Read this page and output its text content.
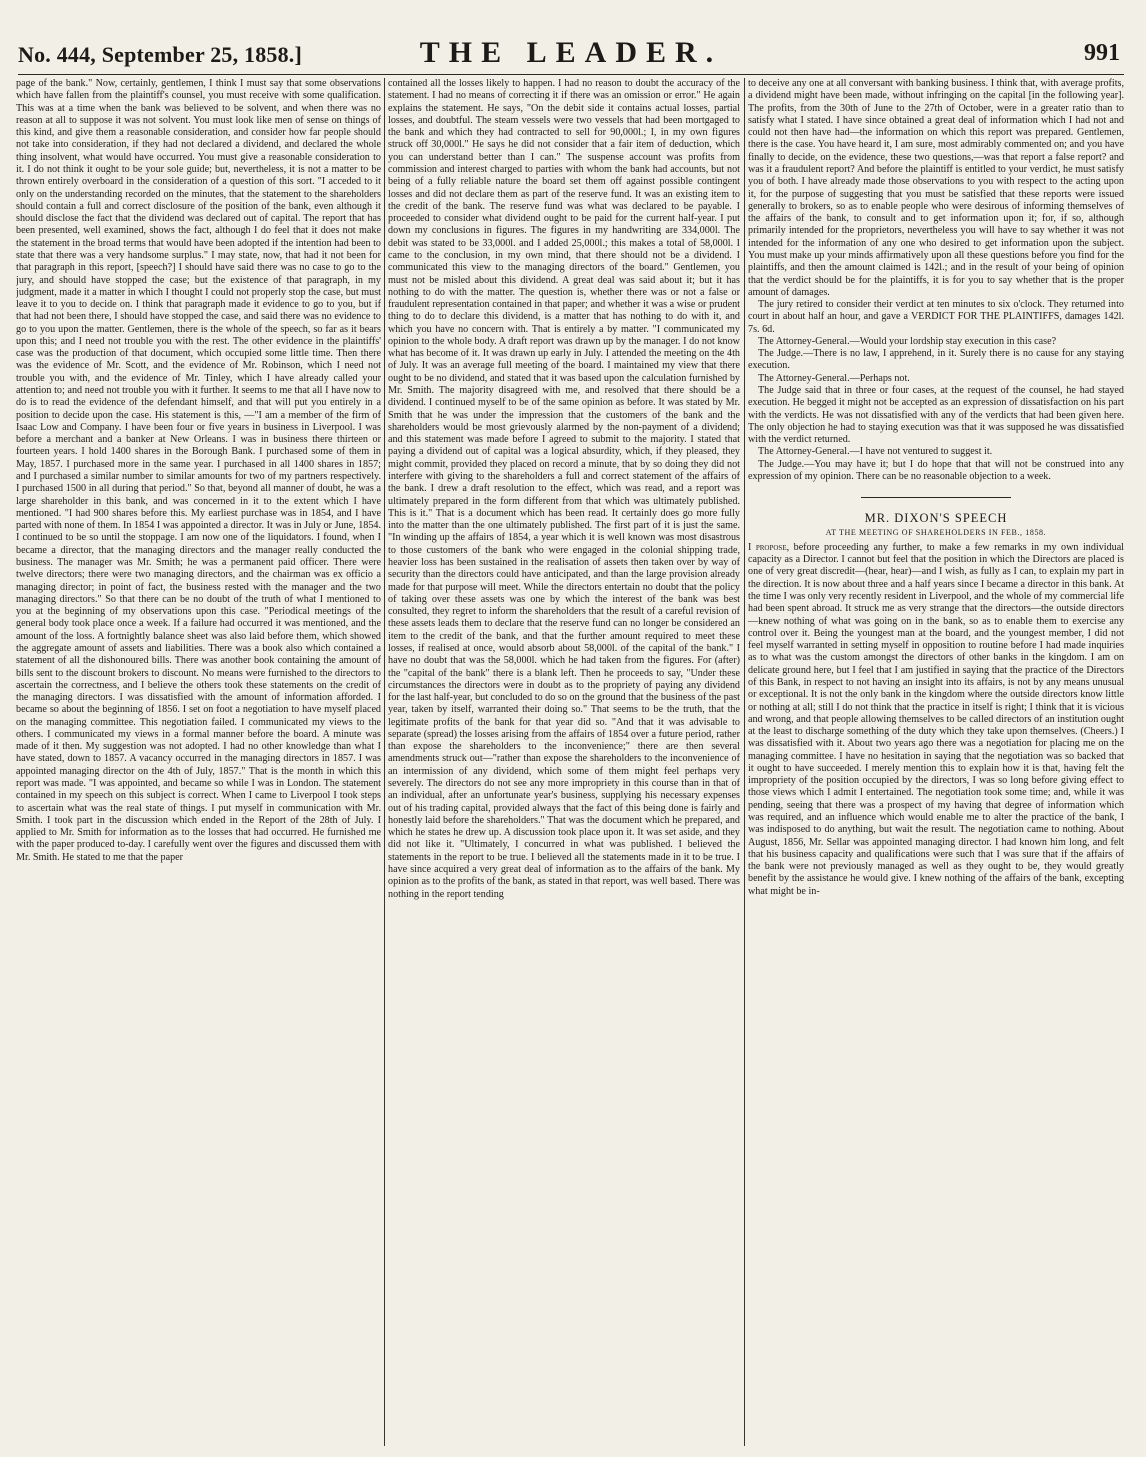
No. 444, September 25, 1858.]	THE LEADER.	991

page of the bank." Now, certainly, gentlemen, I think I must say that some observations which have fallen from the plaintiff's counsel, you must receive with some qualification. This was at a time when the bank was believed to be solvent, and when there was no reason at all to suppose it was not solvent. You must look like men of sense on things of this kind, and give them a reasonable consideration, and consider how far people should not take into consideration, if they had not declared a dividend, and declared the whole thing insolvent, what would have occurred. You must give a reasonable consideration to it. I do not think it ought to be your sole guide; but, nevertheless, it is not a matter to be thrown entirely overboard in the consideration of a question of this sort. "I acceded to it only on the understanding recorded on the minutes, that the statement to the shareholders should contain a full and correct disclosure of the position of the bank, even although it should disclose the fact that the dividend was declared out of capital. The report that has been presented, well examined, shows the fact, although I do feel that it does not make the statement in the broad terms that would have been adopted if the intention had been to state that there was a very handsome surplus." I may state, now, that had it not been for that paragraph in this report, [speech?] I should have said there was no case to go to the jury, and should have stopped the case; but the existence of that paragraph, in my judgment, made it a matter in which I thought I could not properly stop the case, but must leave it to you to decide on. I think that paragraph made it evidence to go to you, but if that had not been there, I should have stopped the case, and said there was no evidence to go to you upon the matter. Gentlemen, there is the whole of the speech, so far as it bears upon this; and I need not trouble you with the rest. The other evidence in the plaintiffs' case was the production of that document, which occupied some little time. Then there was the evidence of Mr. Scott, and the evidence of Mr. Robinson, which I need not trouble you with, and the evidence of Mr. Tinley, which I have already called your attention to; and need not trouble you with it further. It seems to me that all I have now to do is to read the evidence of the defendant himself, and that will put you entirely in a position to decide upon the case. His statement is this, —"I am a member of the firm of Isaac Low and Company. I have been four or five years in business in Liverpool. I was before a merchant and a banker at New Orleans. I was in business there thirteen or fourteen years. I hold 1400 shares in the Borough Bank. I purchased some of them in May, 1857. I purchased more in the same year. I purchased in all 1400 shares in 1857; and I purchased a similar number to similar amounts for two of my partners respectively. I purchased 1500 in all during that period." So that, beyond all manner of doubt, he was a large shareholder in this bank, and was concerned in it to the extent which I have mentioned. "I had 900 shares before this. My earliest purchase was in 1854, and I have parted with none of them. In 1854 I was appointed a director. It was in July or June, 1854. I continued to be so until the stoppage. I am now one of the liquidators. I found, when I became a director, that the managing directors and the manager really conducted the business. The manager was Mr. Smith; he was a permanent paid officer. There were twelve directors; there were two managing directors, and the chairman was ex officio a managing director; in point of fact, the business rested with the manager and the two managing directors." So that there can be no doubt of the truth of what I mentioned to you at the beginning of my observations upon this case. "Periodical meetings of the general body took place once a week. If a failure had occurred it was mentioned, and the amount of the loss. A fortnightly balance sheet was also laid before them, which showed the aggregate amount of assets and liabilities. There was a book also which contained a statement of all the dishonoured bills. There was another book containing the amount of bills sent to the discount brokers to discount. No means were furnished to the directors to ascertain the correctness, and I believe the others took these statements on the credit of the managing directors. I was dissatisfied with the amount of information afforded. I became so about the beginning of 1856. I set on foot a negotiation to have myself placed on the managing committee. This negotiation failed. I communicated my views to the others. I communicated my views in a formal manner before the board. A minute was made of it then. My suggestion was not adopted. I had no other knowledge than what I have stated, down to 1857. A vacancy occurred in the managing directors in 1857. I was appointed managing director on the 4th of July, 1857." That is the month in which this report was made. "I was appointed, and became so while I was in London. The statement contained in my speech on this subject is correct. When I came to Liverpool I took steps to ascertain what was the real state of things. I put myself in communication with Mr. Smith. I took part in the discussion which ended in the Report of the 28th of July. I applied to Mr. Smith for information as to the losses that had occurred. He furnished me with the paper produced to-day. I carefully went over the figures and discussed them with Mr. Smith. He stated to me that the paper

contained all the losses likely to happen. I had no reason to doubt the accuracy of the statement. I had no means of correcting it if there was an omission or error." He again explains the statement. He says, "On the debit side it contains actual losses, partial losses, and doubtful. The steam vessels were two vessels that had been mortgaged to the bank and which they had contracted to sell for 90,000l.; I, in my own figures struck off 30,000l." He says he did not consider that a fair item of deduction, which you can understand better than I can." The suspense account was profits from commission and interest charged to parties with whom the bank had accounts, but not being of a fully reliable nature the board set them off against possible contingent losses and did not declare them as part of the reserve fund. It was an existing item to the credit of the bank. The reserve fund was what was declared to be payable. I proceeded to consider what dividend ought to be paid for the current half-year. I put down my conclusions in figures. The figures in my handwriting are 334,000l. The debit was stated to be 33,000l. and I added 25,000l.; this makes a total of 58,000l. I came to the conclusion, in my own mind, that there should not be a dividend. I communicated this view to the managing directors of the board." Gentlemen, you must not be misled about this dividend. A great deal was said about it; but it has nothing to do with the matter. The question is, whether there was or not a false or fraudulent representation contained in that paper; and whether it was a wise or prudent thing to do to declare this dividend, is a matter that has nothing to do with it, and which you have no concern with. That is entirely a by matter. "I communicated my opinion to the whole body. A draft report was drawn up by the manager. I do not know what has become of it. It was drawn up early in July. I attended the meeting on the 4th of July. It was an average full meeting of the board. I maintained my view that there ought to be no dividend, and stated that it was based upon the calculation furnished by Mr. Smith. The majority disagreed with me, and resolved that there should be a dividend. I continued myself to be of the same opinion as before. It was stated by Mr. Smith that he was under the impression that the customers of the bank and the shareholders would be most grievously alarmed by the non-payment of a dividend; and this statement was made before I agreed to submit to the majority. I stated that paying a dividend out of capital was a logical absurdity, which, if they pleased, they might commit, provided they placed on record a minute, that by so doing they did not interfere with giving to the shareholders a full and correct statement of the affairs of the bank. I drew a draft resolution to the effect, which was read, and a report was ultimately prepared in the form different from that which was ultimately published. This is it." That is a document which has been read. It certainly does go more fully into the matter than the one ultimately published. The first part of it is just the same. "In winding up the affairs of 1854, a year which it is well known was most disastrous to those customers of the bank who were engaged in the colonial shipping trade, heavier loss has been sustained in the realisation of assets then taken over by way of security than the directors could have anticipated, and than the large provision already made for that purpose will meet. While the directors entertain no doubt that the policy of taking over these assets was one by which the interest of the bank was best consulted, they regret to inform the shareholders that the result of a careful revision of these assets leads them to declare that the reserve fund can no longer be considered an item to the credit of the bank, and that the further amount required to meet these losses, if realised at once, would absorb about 58,000l. of the capital of the bank." I have no doubt that was the 58,000l. which he had taken from the figures. For (after) the "capital of the bank" there is a blank left. Then he proceeds to say, "Under these circumstances the directors were in doubt as to the propriety of paying any dividend for the last half-year, but concluded to do so on the ground that the business of the past year, taken by itself, warranted their doing so." That seems to be the truth, that the legitimate profits of the bank for that year did so. "And that it was advisable to separate (spread) the losses arising from the affairs of 1854 over a future period, rather than expose the shareholders to the inconvenience;" there are then several amendments struck out—"rather than expose the shareholders to the inconvenience of an intermission of any dividend, which some of them might feel perhaps very severely. The directors do not see any more impropriety in this course than in that of an individual, after an unfortunate year's business, supplying his necessary expenses out of his trading capital, provided always that the fact of this being done is fairly and honestly laid before the shareholders." That was the document which he prepared, and which he states he drew up. A discussion took place upon it. It was set aside, and they did not like it. "Ultimately, I concurred in what was published. I believed the statements in the report to be true. I believed all the statements made in it to be true. I have since acquired a very great deal of information as to the affairs of the bank. My opinion as to the profits of the bank, as stated in that report, was well based. There was nothing in the report tending

to deceive any one at all conversant with banking business. I think that, with average profits, a dividend might have been made, without infringing on the capital [in the following year]. The profits, from the 30th of June to the 27th of October, were in a greater ratio than to satisfy what I stated. I have since obtained a great deal of information which I had not and could not then have had—the information on which this report was prepared. Gentlemen, there is the case. You have heard it, I am sure, most admirably commented on; and you have finally to decide, on the evidence, these two questions,—was that report a false report? and was it a fraudulent report? And before the plaintiff is entitled to your verdict, he must satisfy you of both. I have already made those observations to you with respect to the acting upon it, for the purpose of suggesting that you must be satisfied that these reports were issued generally to brokers, so as to enable people who were desirous of informing themselves of the affairs of the bank, to consult and to get information upon it; for, if so, although primarily intended for the proprietors, nevertheless you will have to say whether it was not intended for the information of any one who desired to get information upon the subject. You must make up your minds affirmatively upon all these questions before you find for the plaintiffs, and then the amount claimed is 142l.; and in the result of your being of opinion that the verdict should be for the plaintiffs, it is for you to say whether that is the proper amount of damages.

The jury retired to consider their verdict at ten minutes to six o'clock. They returned into court in about half an hour, and gave a VERDICT FOR THE PLAINTIFFS, damages 142l. 7s. 6d.

The Attorney-General.—Would your lordship stay execution in this case?

The Judge.—There is no law, I apprehend, in it. Surely there is no cause for any staying execution.

The Attorney-General.—Perhaps not.

The Judge said that in three or four cases, at the request of the counsel, he had stayed execution. He begged it might not be accepted as an expression of dissatisfaction on his part with the verdicts. He was not dissatisfied with any of the verdicts that had been given here. The only objection he had to staying execution was that it was supposed he was dissatisfied with the verdict returned.

The Attorney-General.—I have not ventured to suggest it.

The Judge.—You may have it; but I do hope that that will not be construed into any expression of my opinion. There can be no reasonable objection to a week.

MR. DIXON'S SPEECH
AT THE MEETING OF SHAREHOLDERS IN FEB., 1858.

I propose, before proceeding any further, to make a few remarks in my own individual capacity as a Director. I cannot but feel that the position in which the Directors are placed is one of very great discredit—(hear, hear)—and I wish, as fully as I can, to explain my part in the direction. It is now about three and a half years since I became a director in this bank. At the time I was only very recently resident in Liverpool, and the whole of my commercial life had been spent abroad. It struck me as very strange that the directors—the outside directors—knew nothing of what was going on in the bank, so as to enable them to exercise any control over it. Being the youngest man at the board, and the youngest member, I did not feel myself warranted in setting myself in opposition to routine before I had made inquiries as to what was the custom amongst the directors of other banks in the kingdom. I am on delicate ground here, but I feel that I am justified in saying that the practice of the Directors of this Bank, in respect to not having an insight into its affairs, is not by any means unusual or exceptional. It is not the only bank in the kingdom where the outside directors know little or nothing at all; still I do not think that the practice in itself is right; I think that it is vicious and wrong, and that people allowing themselves to be called directors of an institution ought at the least to discharge something of the duty which they take upon themselves. (Cheers.) I was dissatisfied with it. About two years ago there was a negotiation for placing me on the managing committee. I have no hesitation in saying that the negotiation was so backed that it ought to have succeeded. I merely mention this to explain how it is that, having felt the impropriety of the position occupied by the directors, I was so long before giving effect to those views which I admit I entertained. The negotiation took some time; and, while it was pending, seeing that there was a prospect of my having that degree of information which was required, and an influence which would enable me to alter the practice of the bank, I was indisposed to do anything, but wait the result. The negotiation came to nothing. About August, 1856, Mr. Sellar was appointed managing director. I had known him long, and felt that his business capacity and qualifications were such that I was sure that if the affairs of the bank were not previously managed as well as they ought to be, they would greatly benefit by the assistance he would give. I knew nothing of the affairs of the bank, excepting what might be in-
